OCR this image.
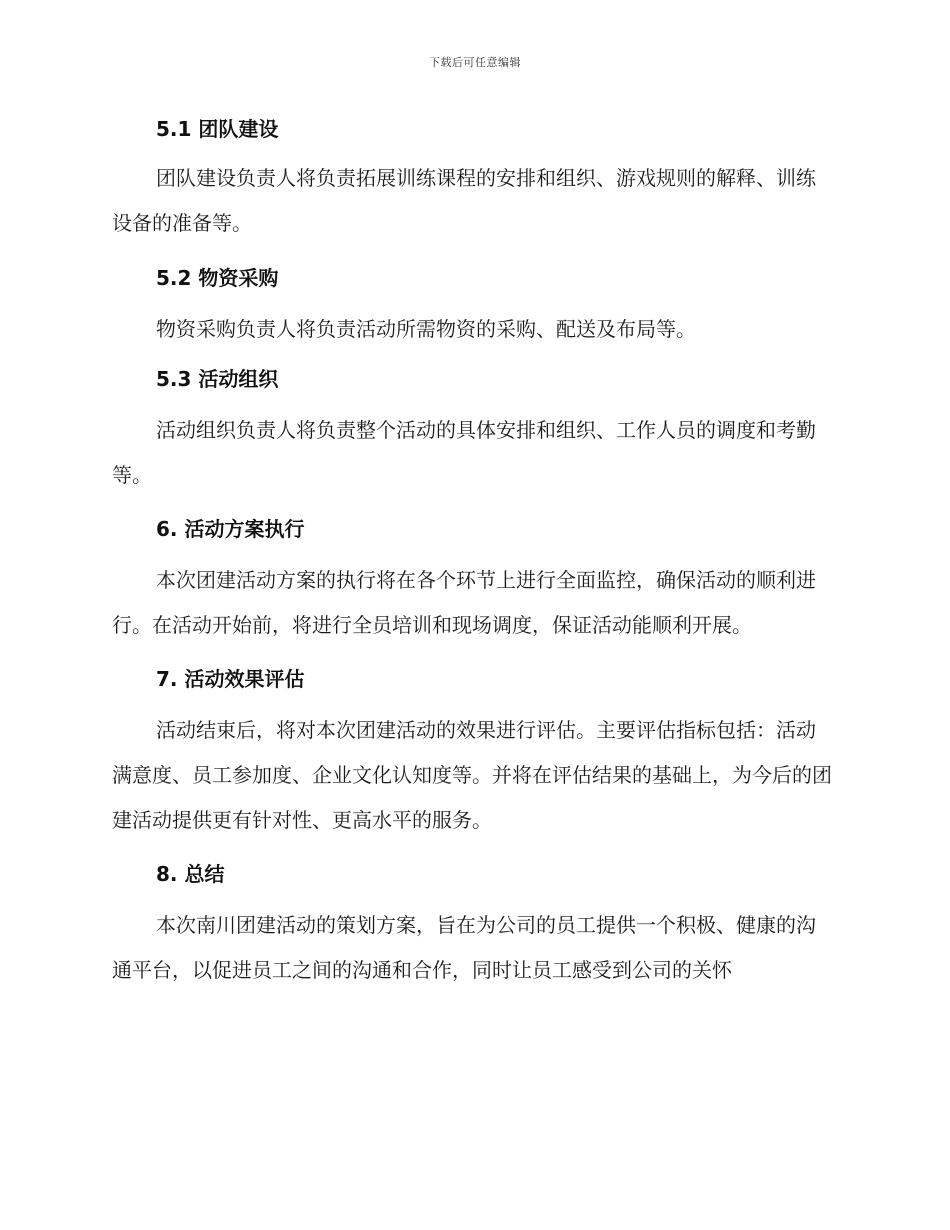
下载后可任意编辑
5.1 团队建设

团队建设负责人将负责拓展训练课程的安排和组织、游戏规则的解释、训练设备的准备等。

5.2 物资采购

物资采购负责人将负责活动所需物资的采购、配送及布局等。

5.3 活动组织

活动组织负责人将负责整个活动的具体安排和组织、工作人员的调度和考勤等。

6. 活动方案执行

本次团建活动方案的执行将在各个环节上进行全面监控，确保活动的顺利进行。在活动开始前，将进行全员培训和现场调度，保证活动能顺利开展。

7. 活动效果评估

活动结束后，将对本次团建活动的效果进行评估。主要评估指标包括：活动满意度、员工参加度、企业文化认知度等。并将在评估结果的基础上，为今后的团建活动提供更有针对性、更高水平的服务。

8. 总结

本次南川团建活动的策划方案，旨在为公司的员工提供一个积极、健康的沟通平台，以促进员工之间的沟通和合作，同时让员工感受到公司的关怀
